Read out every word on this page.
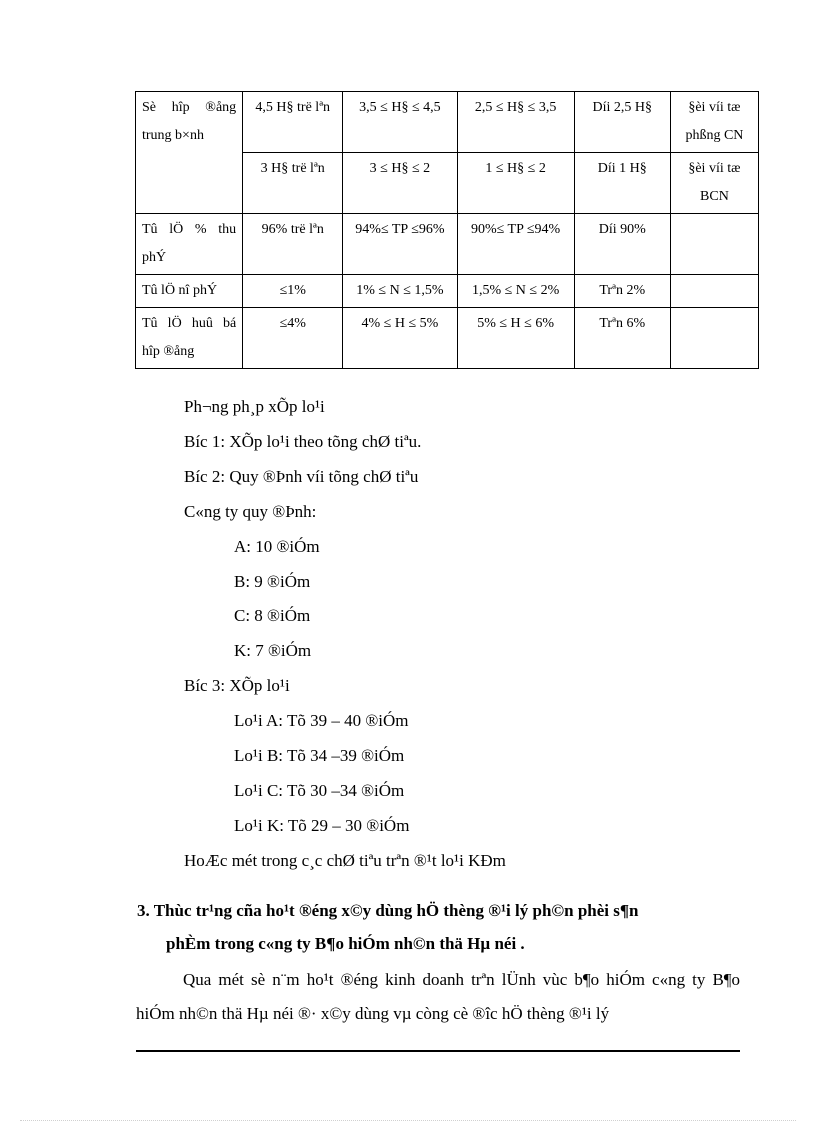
Sè hîp ®ång trung b×nh	4,5 H§ trë lªn	3,5 ≤ H§ ≤ 4,5	2,5 ≤ H§ ≤ 3,5	Díi 2,5 H§	§èi víi tæ phßng CN
	3 H§ trë lªn	3 ≤ H§ ≤ 2	1 ≤ H§ ≤ 2	Díi 1 H§	§èi víi tæ BCN
Tû lÖ % thu phÝ	96% trë lªn	94%≤ TP ≤96%	90%≤ TP ≤94%	Díi 90%	
Tû lÖ nî phÝ	≤1%	1% ≤ N ≤ 1,5%	1,5% ≤ N ≤ 2%	Trªn 2%	
Tû lÖ huû bá hîp ®ång	≤4%	4% ≤ H ≤ 5%	5% ≤ H ≤ 6%	Trªn 6%	
Ph¬ng ph¸p xÕp lo¹i
Bíc 1: XÕp lo¹i theo tõng chØ tiªu.
Bíc 2: Quy ®Þnh víi tõng chØ tiªu
C«ng ty quy ®Þnh:
A: 10 ®iÓm
B: 9 ®iÓm
C: 8 ®iÓm
K: 7 ®iÓm
Bíc 3: XÕp lo¹i
Lo¹i A: Tõ 39 – 40 ®iÓm
Lo¹i B: Tõ 34 –39 ®iÓm
Lo¹i C: Tõ 30 –34 ®iÓm
Lo¹i K: Tõ 29 – 30 ®iÓm
HoÆc mét trong c¸c chØ tiªu trªn ®¹t lo¹i KÐm
3. Thùc tr¹ng cña ho¹t ®éng x©y dùng hÖ thèng ®¹i lý ph©n phèi s¶n
phÈm trong c«ng ty B¶o hiÓm nh©n thä Hµ néi .
Qua mét sè n¨m ho¹t ®éng kinh doanh trªn lÜnh vùc b¶o hiÓm c«ng ty B¶o hiÓm nh©n thä Hµ néi ®· x©y dùng vµ còng cè ®îc hÖ thèng ®¹i lý
